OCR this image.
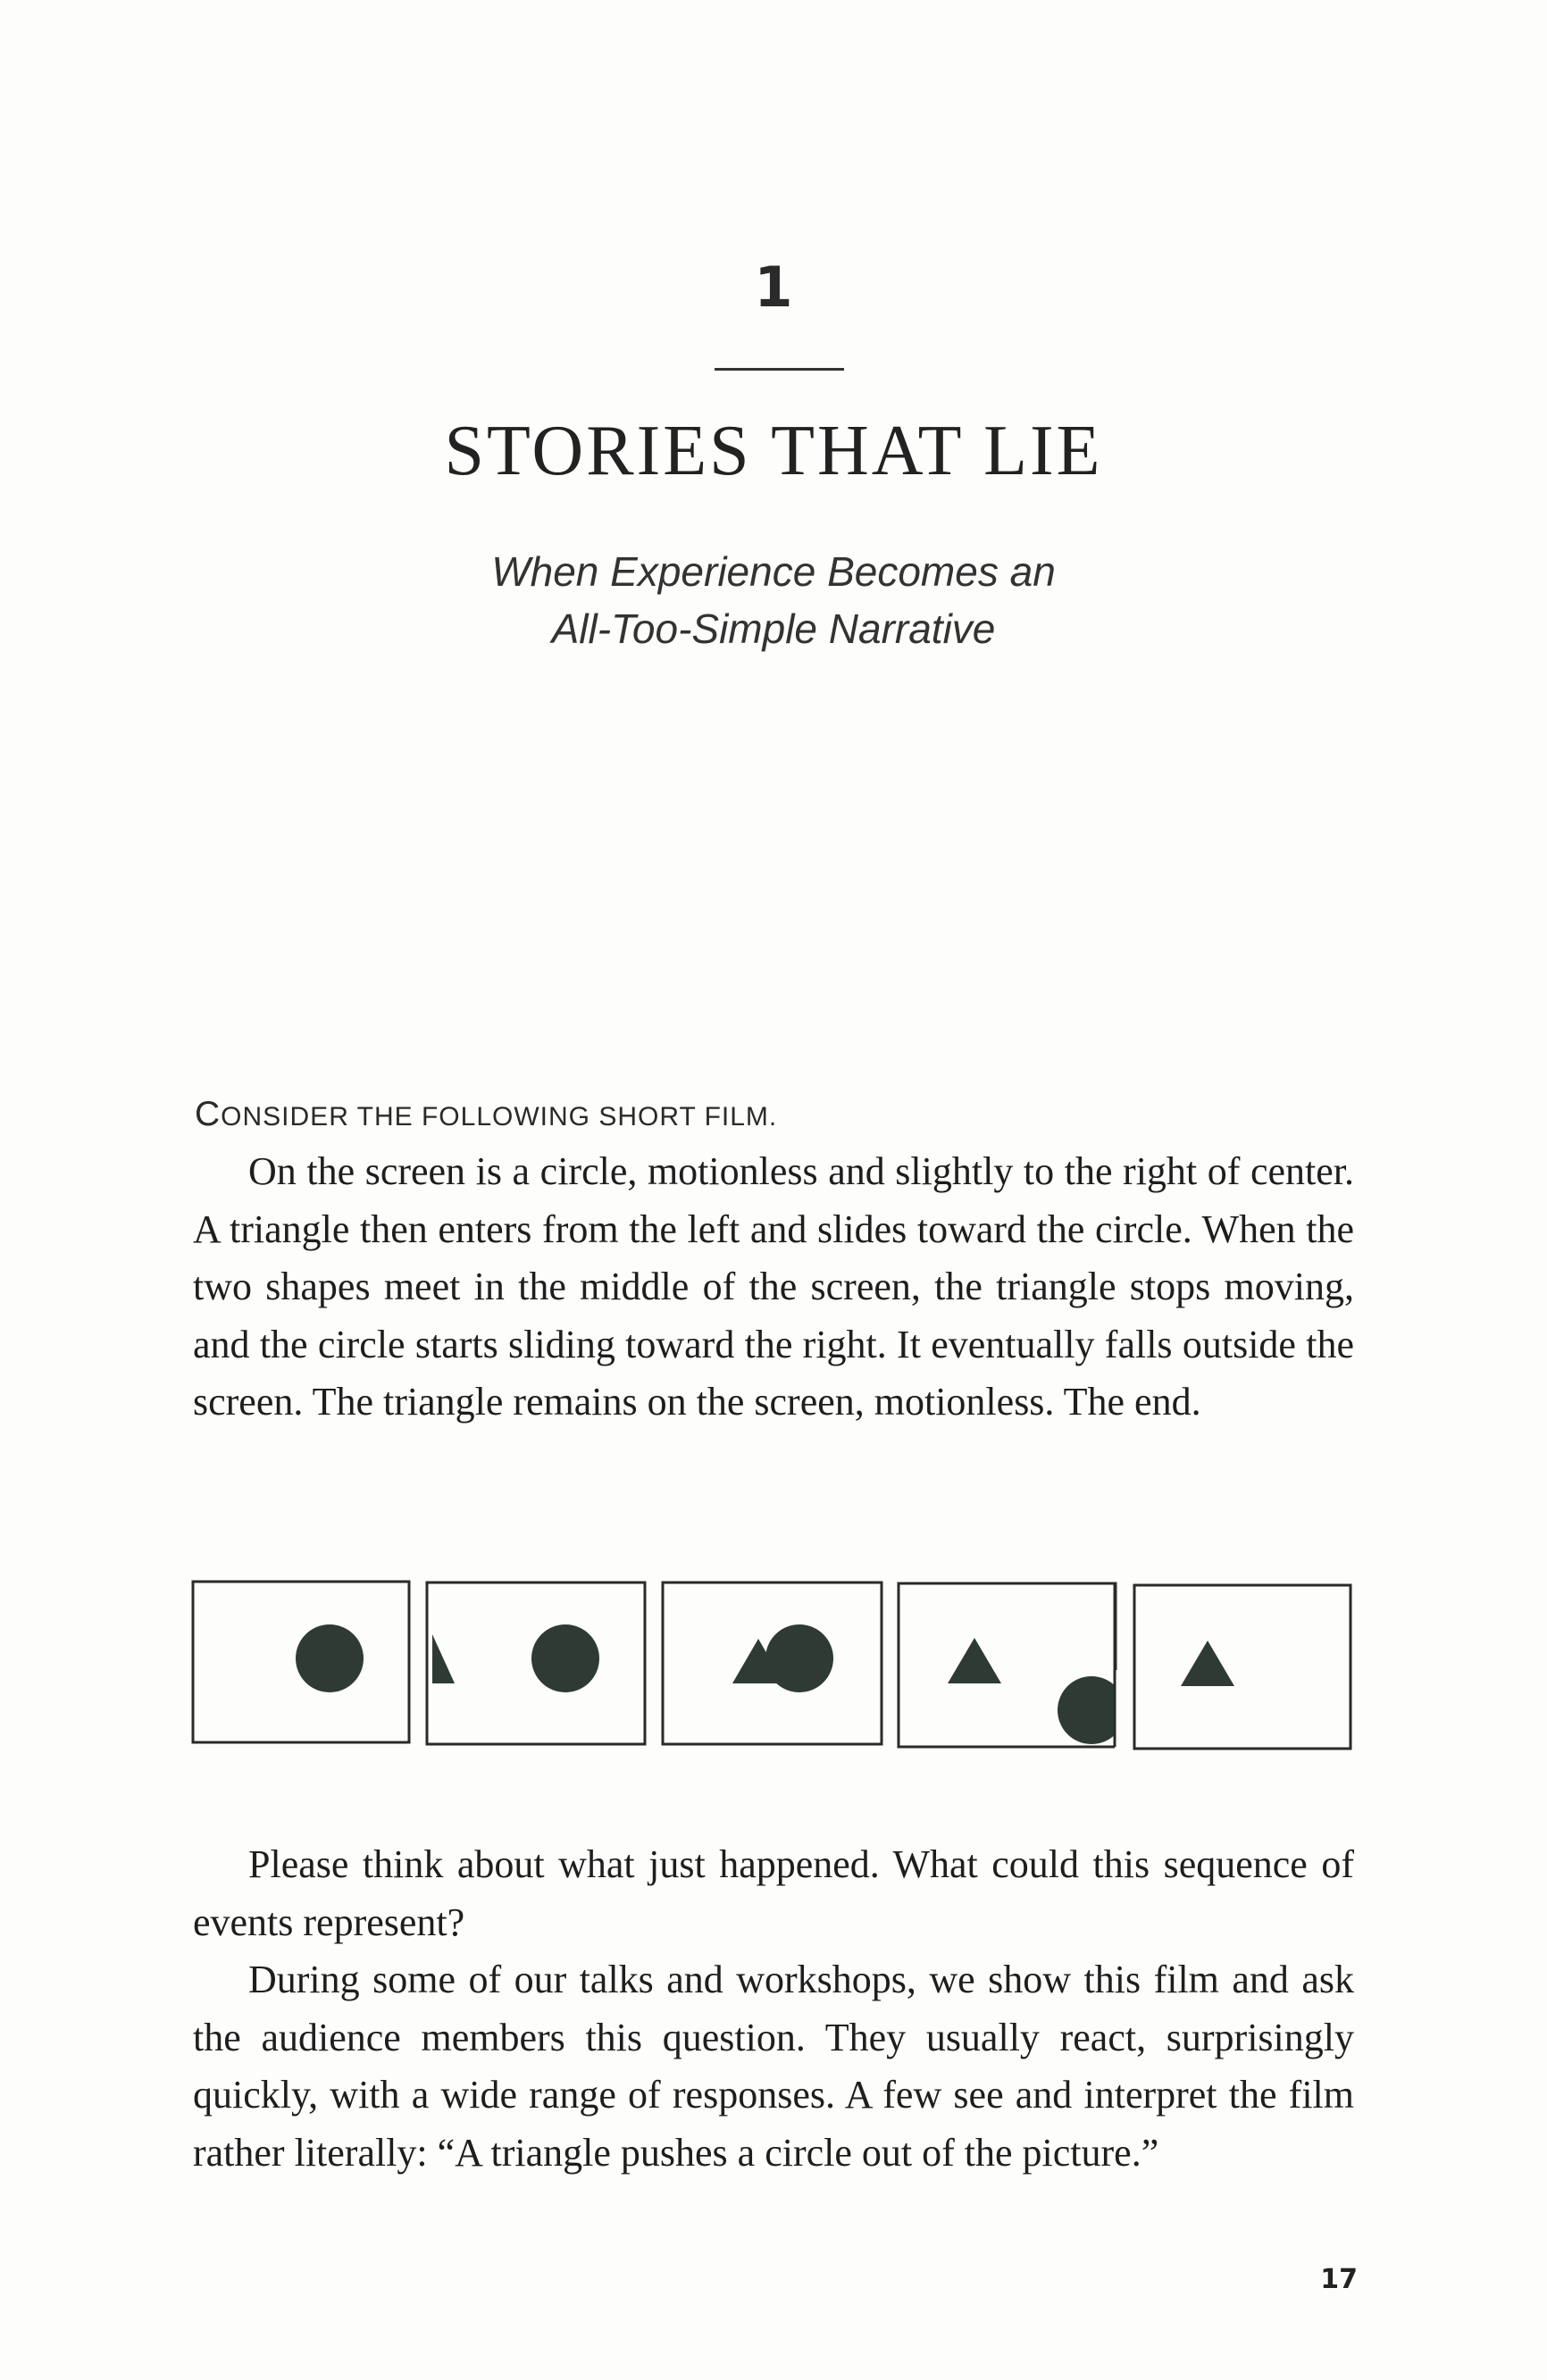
1
STORIES THAT LIE
When Experience Becomes an
All-Too-Simple Narrative
CONSIDER THE FOLLOWING SHORT FILM.

On the screen is a circle, motionless and slightly to the right of center. A triangle then enters from the left and slides toward the circle. When the two shapes meet in the middle of the screen, the triangle stops moving, and the circle starts sliding toward the right. It eventually falls outside the screen. The triangle remains on the screen, motionless. The end.

Please think about what just happened. What could this sequence of events represent?

During some of our talks and workshops, we show this film and ask the audience members this question. They usually react, surprisingly quickly, with a wide range of responses. A few see and interpret the film rather literally: “A triangle pushes a circle out of the picture.”

17
